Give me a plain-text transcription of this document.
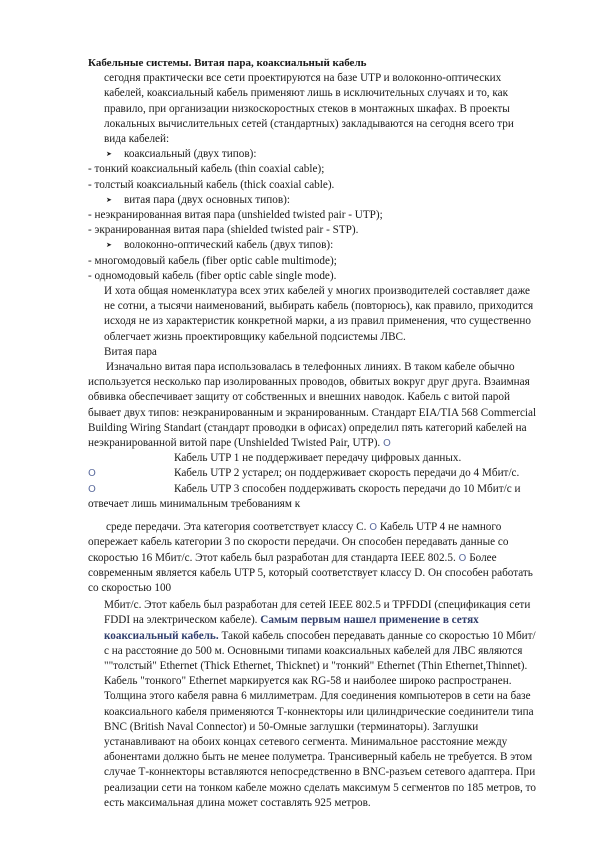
Кабельные системы. Витая пара, коаксиальный кабель

сегодня практически все сети проектируются на базе UTP и волоконно-оптических кабелей, коаксиальный кабель применяют лишь в исключительных случаях и то, как правило, при организации низкоскоростных стеков в монтажных шкафах. В проекты локальных вычислительных сетей (стандартных) закладываются на сегодня всего три вида кабелей:

➤ коаксиальный (двух типов):

- тонкий коаксиальный кабель (thin coaxial cable);

- толстый коаксиальный кабель (thick coaxial cable).

➤ витая пара (двух основных типов):

- неэкранированная витая пара (unshielded twisted pair - UTP);

- экранированная витая пара (shielded twisted pair - STP).

➤ волоконно-оптический кабель (двух типов):

- многомодовый кабель (fiber optic cable multimode);

- одномодовый кабель (fiber optic cable single mode).

И хота общая номенклатура всех этих кабелей у многих производителей составляет даже не сотни, а тысячи наименований, выбирать кабель (повторюсь), как правило, приходится исходя не из характеристик конкретной марки, а из правил применения, что существенно облегчает жизнь проектировщику кабельной подсистемы ЛВС.

Витая пара

Изначально витая пара использовалась в телефонных линиях. В таком кабеле обычно используется несколько пар изолированных проводов, обвитых вокруг друг друга. Взаимная обвивка обеспечивает защиту от собственных и внешних наводок. Кабель с витой парой бывает двух типов: неэкранированным и экранированным. Стандарт EIA/TIA 568 Commercial Building Wiring Standart (стандарт проводки в офисах) определил пять категорий кабелей на неэкранированной витой паре (Unshielded Twisted Pair, UTP). O

Кабель UTP 1 не поддерживает передачу цифровых данных.

O	Кабель UTP 2 устарел; он поддерживает скорость передачи до 4 Мбит/с.

O	Кабель UTP 3 способен поддерживать скорость передачи до 10 Мбит/с и

отвечает лишь минимальным требованиям к

среде передачи. Эта категория соответствует классу С. O Кабель UTP 4 не намного опережает кабель категории 3 по скорости передачи. Он способен передавать данные со скоростью 16 Мбит/с. Этот кабель был разработан для стандарта IEEE 802.5. O Более современным является кабель UTP 5, который соответствует классу D. Он способен работать со скоростью 100

Мбит/с. Этот кабель был разработан для сетей IEEE 802.5 и TPFDDI (спецификация сети FDDI на электрическом кабеле). Самым первым нашел применение в сетях коаксиальный кабель. Такой кабель способен передавать данные со скоростью 10 Мбит/с на расстояние до 500 м. Основными типами коаксиальных кабелей для ЛВС являются ""толстый" Ethernet (Thick Ethernet, Thicknet) и "тонкий" Ethernet (Thin Ethernet,Thinnet).

Кабель "тонкого" Ethernet маркируется как RG-58 и наиболее широко распространен. Толщина этого кабеля равна 6 миллиметрам. Для соединения компьютеров в сети на базе коаксиального кабеля применяются Т-коннекторы или цилиндрические соединители типа BNC (British Naval Connector) и 50-Омные заглушки (терминаторы). Заглушки устанавливают на обоих концах сетевого сегмента. Минимальное расстояние между абонентами должно быть не менее полуметра. Трансиверный кабель не требуется. В этом случае Т-коннекторы вставляются непосредственно в BNC-разъем сетевого адаптера. При реализации сети на тонком кабеле можно сделать максимум 5 сегментов по 185 метров, то есть максимальная длина может составлять 925 метров.
